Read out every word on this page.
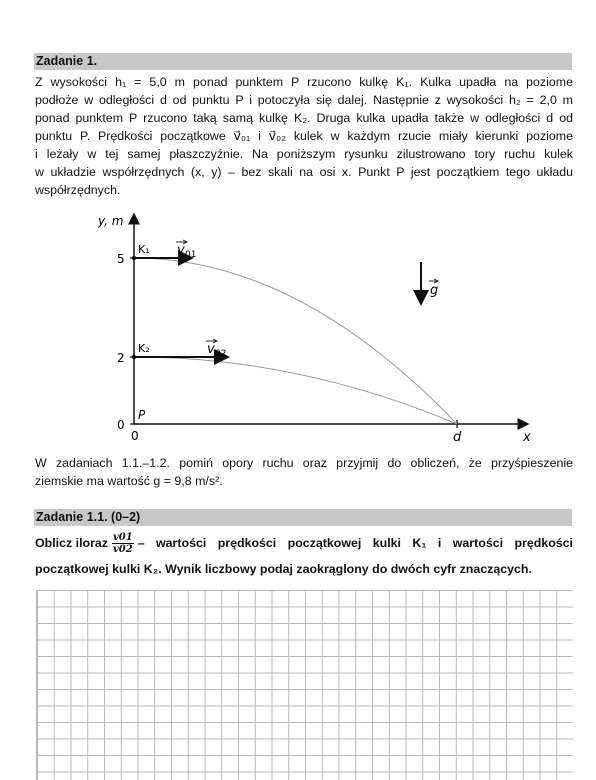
Zadanie 1.
Z wysokości h₁ = 5,0 m ponad punktem P rzucono kulkę K₁. Kulka upadła na poziome
podłoże w odległości d od punktu P i potoczyła się dalej. Następnie z wysokości h₂ = 2,0 m
ponad punktem P rzucono taką samą kulkę K₂. Druga kulka upadła także w odległości d od
punktu P. Prędkości początkowe v⃗₀₁ i v⃗₀₂ kulek w każdym rzucie miały kierunki poziome
i leżały w tej samej płaszczyźnie. Na poniższym rysunku zilustrowano tory ruchu kulek
w układzie współrzędnych (x, y) – bez skali na osi x. Punkt P jest początkiem tego układu
współrzędnych.
y, m
5
2
0
0
P
d	x
K₁
K₂
v 01
v 02
g
W zadaniach 1.1.–1.2. pomiń opory ruchu oraz przyjmij do obliczeń, że przyśpieszenie
ziemskie ma wartość g = 9,8 m/s².
Zadanie 1.1. (0–2)
Oblicz iloraz $\frac{v01}{v02}$ – wartości prędkości początkowej kulki K₁ i wartości prędkości
początkowej kulki K₂. Wynik liczbowy podaj zaokrąglony do dwóch cyfr znaczących.
